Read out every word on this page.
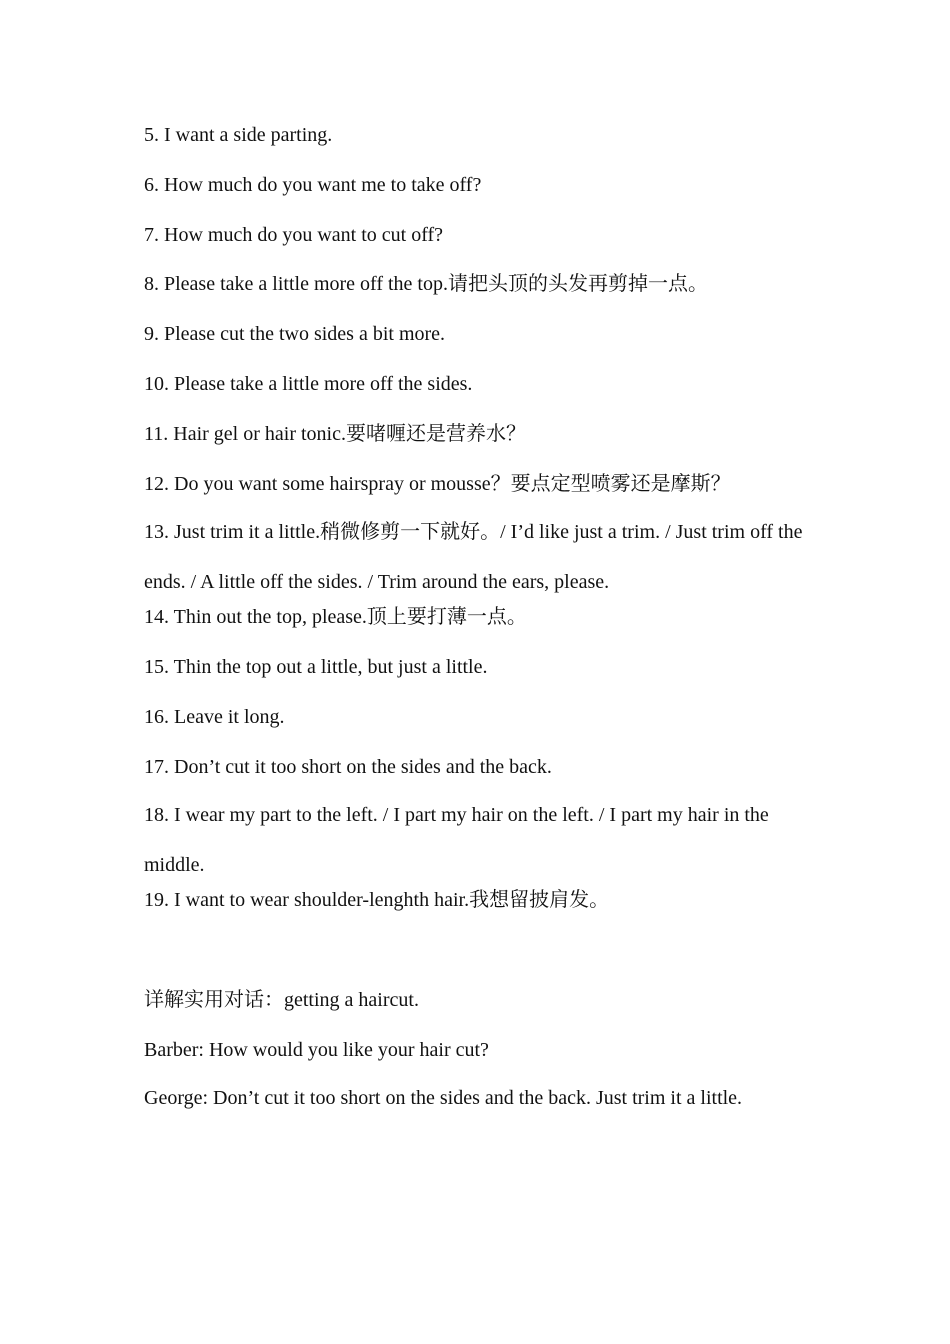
5. I want a side parting.
6. How much do you want me to take off?
7. How much do you want to cut off?
8. Please take a little more off the top.请把头顶的头发再剪掉一点。
9. Please cut the two sides a bit more.
10. Please take a little more off the sides.
11. Hair gel or hair tonic.要啫喱还是营养水？
12. Do you want some hairspray or mousse？要点定型喷雾还是摩斯？
13. Just trim it a little.稍微修剪一下就好。/ I’d like just a trim. / Just trim off the ends. / A little off the sides. / Trim around the ears, please.
14. Thin out the top, please.顶上要打薄一点。
15. Thin the top out a little, but just a little.
16. Leave it long.
17. Don’t cut it too short on the sides and the back.
18. I wear my part to the left. / I part my hair on the left. / I part my hair in the middle.
19. I want to wear shoulder-lenghth hair.我想留披肩发。
详解实用对话：getting a haircut.
Barber: How would you like your hair cut?
George: Don’t cut it too short on the sides and the back. Just trim it a little.
